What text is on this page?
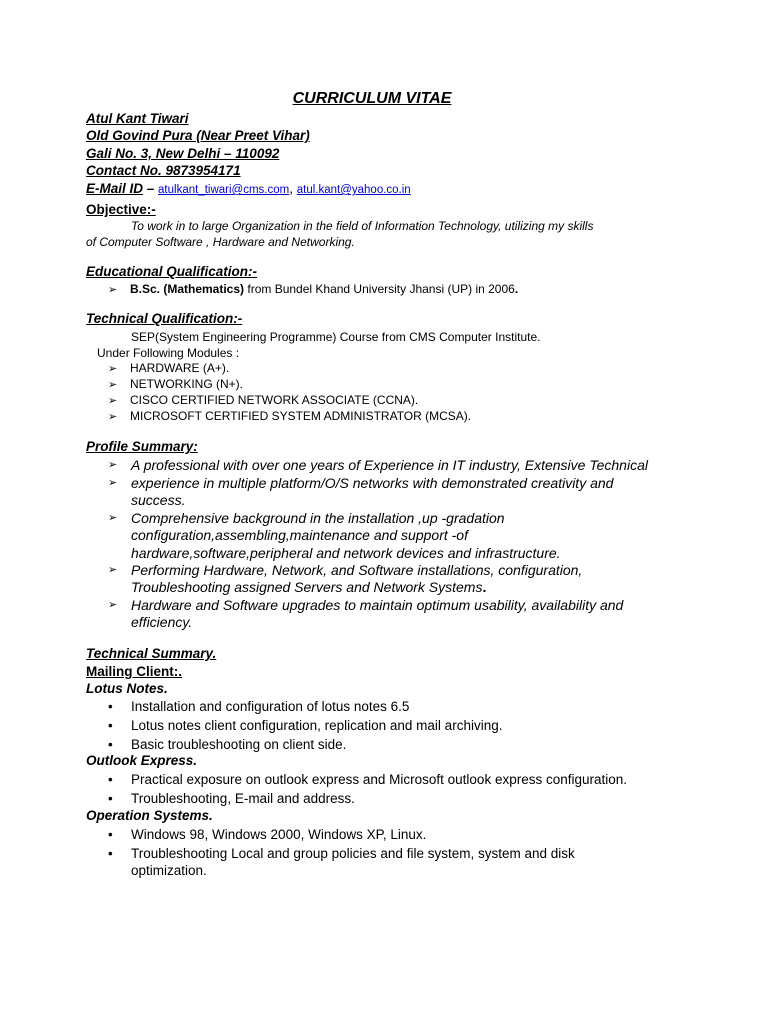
CURRICULUM VITAE
Atul Kant Tiwari
Old Govind Pura (Near Preet Vihar)
Gali No. 3, New Delhi – 110092
Contact No. 9873954171
E-Mail ID – atulkant_tiwari@cms.com, atul.kant@yahoo.co.in
Objective:-
To work in to large Organization in the field of Information Technology, utilizing my skills
of Computer Software , Hardware and Networking.
Educational Qualification:-
➢ B.Sc. (Mathematics) from Bundel Khand University Jhansi (UP) in 2006.
Technical Qualification:-
SEP(System Engineering Programme) Course from CMS Computer Institute.
Under Following Modules :
➢ HARDWARE (A+).
➢ NETWORKING (N+).
➢ CISCO CERTIFIED NETWORK ASSOCIATE (CCNA).
➢ MICROSOFT CERTIFIED SYSTEM ADMINISTRATOR (MCSA).
Profile Summary:
➢ A professional with over one years of Experience in IT industry, Extensive Technical
➢ experience in multiple platform/O/S networks with demonstrated creativity and
success.
➢ Comprehensive background in the installation ,up -gradation
configuration,assembling,maintenance and support -of
hardware,software,peripheral and network devices and infrastructure.
➢ Performing Hardware, Network, and Software installations, configuration,
Troubleshooting assigned Servers and Network Systems.
➢ Hardware and Software upgrades to maintain optimum usability, availability and
efficiency.
Technical Summary.
Mailing Client:.
Lotus Notes.
• Installation and configuration of lotus notes 6.5
• Lotus notes client configuration, replication and mail archiving.
• Basic troubleshooting on client side.
Outlook Express.
• Practical exposure on outlook express and Microsoft outlook express configuration.
• Troubleshooting, E-mail and address.
Operation Systems.
• Windows 98, Windows 2000, Windows XP, Linux.
• Troubleshooting Local and group policies and file system, system and disk
optimization.
